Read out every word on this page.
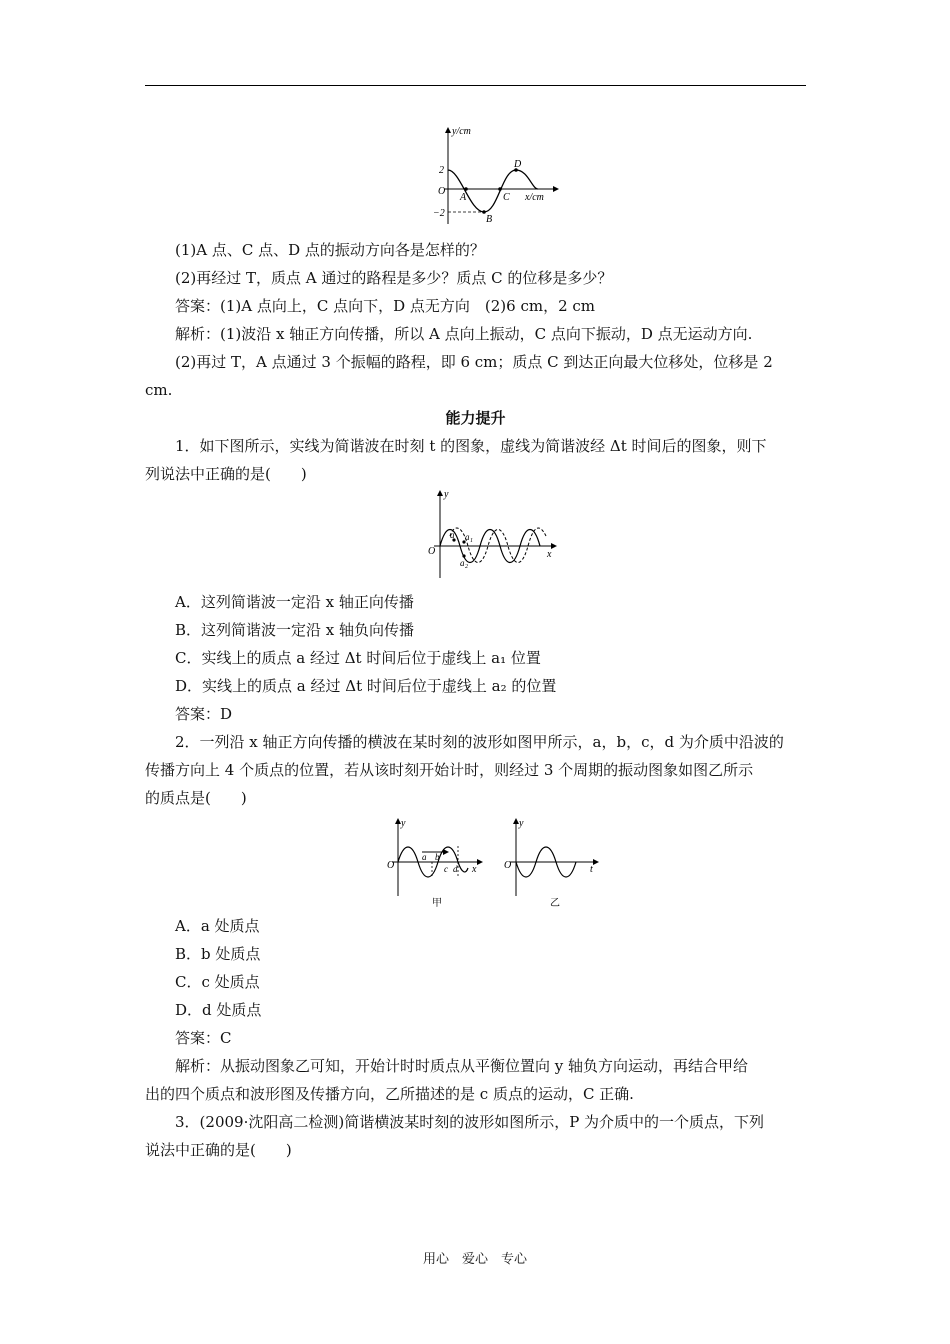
y/cm
x/cm
2
O
−2
A
B
C
D
(1)A 点、C 点、D 点的振动方向各是怎样的？
(2)再经过 T，质点 A 通过的路程是多少？质点 C 的位移是多少？
答案：(1)A 点向上，C 点向下，D 点无方向　(2)6 cm，2 cm
解析：(1)波沿 x 轴正方向传播，所以 A 点向上振动，C 点向下振动，D 点无运动方向.
(2)再过 T，A 点通过 3 个振幅的路程，即 6 cm；质点 C 到达正向最大位移处，位移是 2
cm.
能力提升
1．如下图所示，实线为简谐波在时刻 t 的图象，虚线为简谐波经 Δt 时间后的图象，则下
列说法中正确的是(　　)
y
x
O
a a 1
a 2
A．这列简谐波一定沿 x 轴正向传播
B．这列简谐波一定沿 x 轴负向传播
C．实线上的质点 a 经过 Δt 时间后位于虚线上 a₁ 位置
D．实线上的质点 a 经过 Δt 时间后位于虚线上 a₂ 的位置
答案：D
2．一列沿 x 轴正方向传播的横波在某时刻的波形如图甲所示，a，b，c，d 为介质中沿波的
传播方向上 4 个质点的位置，若从该时刻开始计时，则经过 3 个周期的振动图象如图乙所示
的质点是(　　)
y
x
O
a b
c d
甲
y
t
O
乙
A．a 处质点
B．b 处质点
C．c 处质点
D．d 处质点
答案：C
解析：从振动图象乙可知，开始计时时质点从平衡位置向 y 轴负方向运动，再结合甲给
出的四个质点和波形图及传播方向，乙所描述的是 c 质点的运动，C 正确.
3．(2009·沈阳高二检测)简谐横波某时刻的波形如图所示，P 为介质中的一个质点，下列
说法中正确的是(　　)
用心　爱心　专心
